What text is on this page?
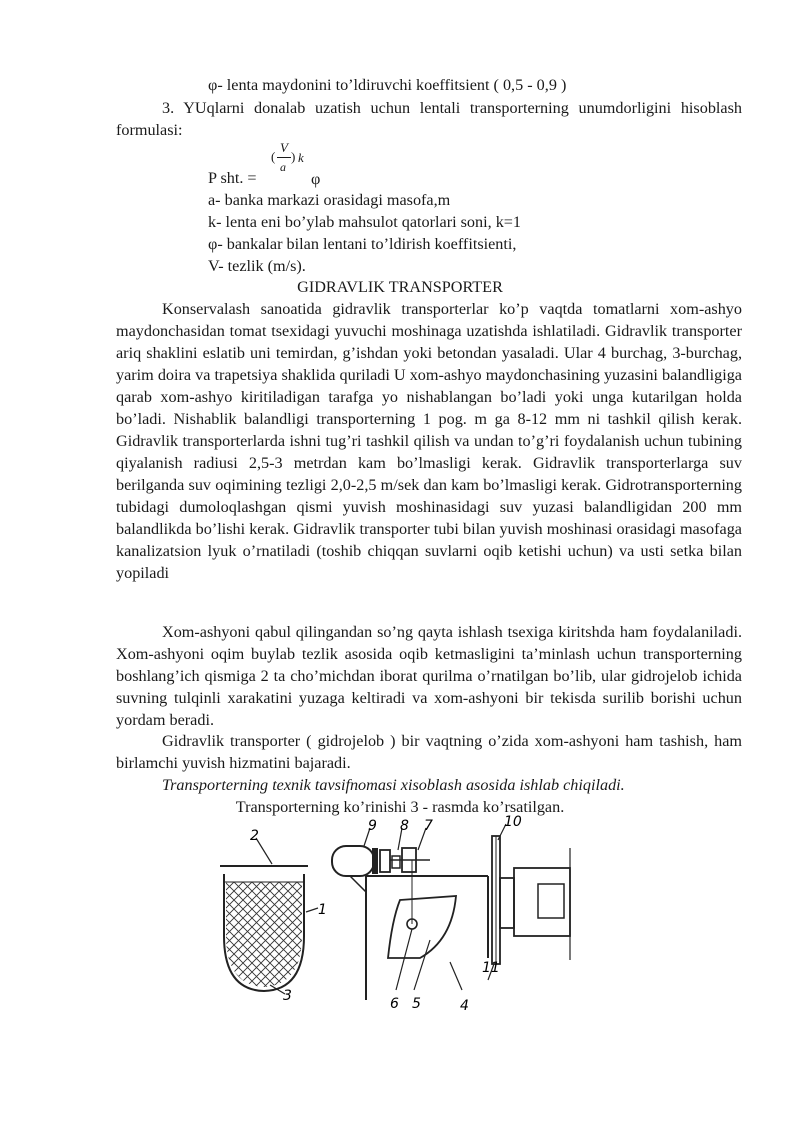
φ- lenta maydonini to’ldiruvchi koeffitsient ( 0,5 - 0,9 )
3. YUqlarni donalab uzatish uchun lentali transporterning unumdorligini hisoblash formulasi:
P sht. =
V
( ) k
a
φ
a- banka markazi orasidagi masofa,m
k- lenta eni bo’ylab mahsulot qatorlari soni, k=1
φ- bankalar bilan lentani to’ldirish koeffitsienti,
V- tezlik (m/s).
GIDRAVLIK TRANSPORTER
Konservalash sanoatida gidravlik transporterlar ko’p vaqtda tomatlarni xom-ashyo maydonchasidan tomat tsexidagi yuvuchi moshinaga uzatishda ishlatiladi. Gidravlik transporter ariq shaklini eslatib uni temirdan, g’ishdan yoki betondan yasaladi. Ular 4 burchag, 3-burchag, yarim doira va trapetsiya shaklida quriladi U xom-ashyo maydonchasining yuzasini balandligiga qarab xom-ashyo kiritiladigan tarafga yo nishablangan bo’ladi yoki unga kutarilgan holda bo’ladi. Nishablik balandligi transporterning 1 pog. m ga 8-12 mm ni tashkil qilish kerak. Gidravlik transporterlarda ishni tug’ri tashkil qilish va undan to’g’ri foydalanish uchun tubining qiyalanish radiusi 2,5-3 metrdan kam bo’lmasligi kerak. Gidravlik transporterlarga suv berilganda suv oqimining tezligi 2,0-2,5 m/sek dan kam bo’lmasligi kerak. Gidrotransporterning tubidagi dumoloqlashgan qismi yuvish moshinasidagi suv yuzasi balandligidan 200 mm balandlikda bo’lishi kerak. Gidravlik transporter tubi bilan yuvish moshinasi orasidagi masofaga kanalizatsion lyuk o’rnatiladi (toshib chiqqan suvlarni oqib ketishi uchun) va usti setka bilan yopiladi
Xom-ashyoni qabul qilingandan so’ng qayta ishlash tsexiga kiritshda ham foydalaniladi. Xom-ashyoni oqim buylab tezlik asosida oqib ketmasligini ta’minlash uchun transporterning boshlang’ich qismiga 2 ta cho’michdan iborat qurilma o’rnatilgan bo’lib, ular gidrojelob ichida suvning tulqinli xarakatini yuzaga keltiradi va xom-ashyoni bir tekisda surilib borishi uchun yordam beradi.
Gidravlik transporter ( gidrojelob ) bir vaqtning o’zida xom-ashyoni ham tashish, ham birlamchi yuvish hizmatini bajaradi.
Transporterning texnik tavsifnomasi xisoblash asosida ishlab chiqiladi.
Transporterning ko’rinishi 3 - rasmda ko’rsatilgan.
2
1
3
9 8 7
6 5	4
10
11
